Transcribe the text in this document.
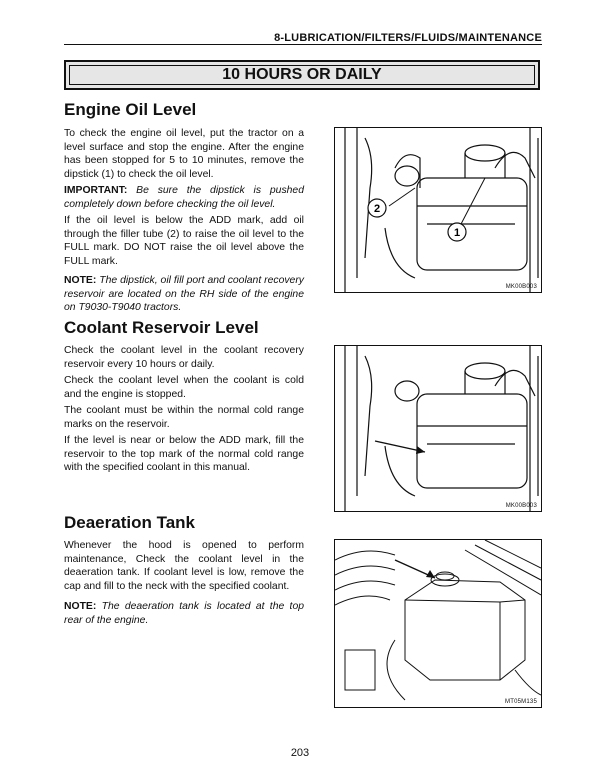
8-LUBRICATION/FILTERS/FLUIDS/MAINTENANCE
10 HOURS OR DAILY
Engine Oil Level

To check the engine oil level, put the tractor on a level surface and stop the engine. After the engine has been stopped for 5 to 10 minutes, remove the dipstick (1) to check the oil level.

IMPORTANT: Be sure the dipstick is pushed completely down before checking the oil level.

If the oil level is below the ADD mark, add oil through the filler tube (2) to raise the oil level to the FULL mark. DO NOT raise the oil level above the FULL mark.

NOTE: The dipstick, oil fill port and coolant recovery reservoir are located on the RH side of the engine on T9030-T9040 tractors.

2
1
MK00B003
Coolant Reservoir Level

Check the coolant level in the coolant recovery reservoir every 10 hours or daily.

Check the coolant level when the coolant is cold and the engine is stopped.

The coolant must be within the normal cold range marks on the reservoir.

If the level is near or below the ADD mark, fill the reservoir to the top mark of the normal cold range with the specified coolant in this manual.

MK00B003
Deaeration Tank

Whenever the hood is opened to perform maintenance, Check the coolant level in the deaeration tank. If coolant level is low, remove the cap and fill to the neck with the specified coolant.

NOTE: The deaeration tank is located at the top rear of the engine.

MT05M135
203
